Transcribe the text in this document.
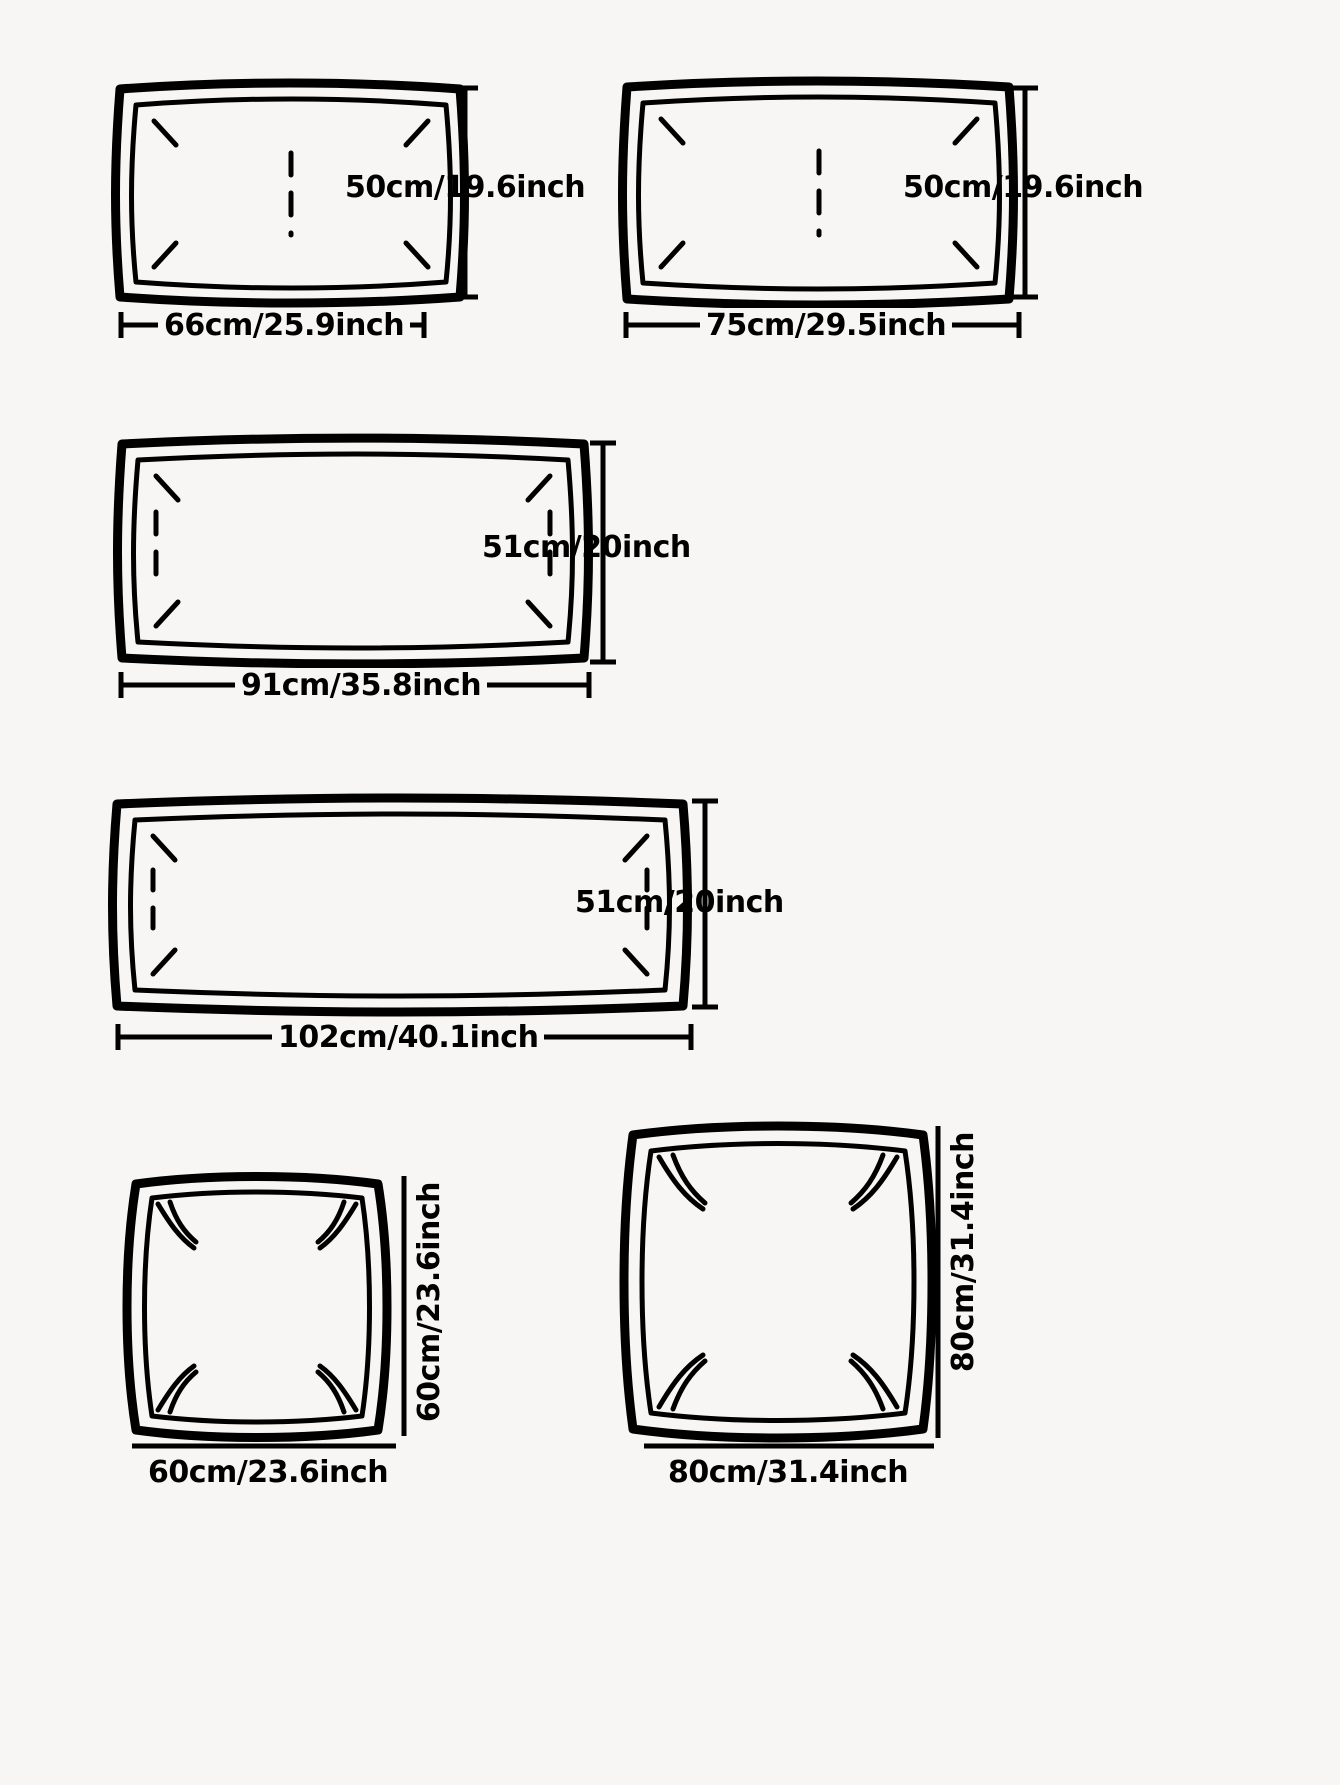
50cm/19.6inch
66cm/25.9inch
50cm/19.6inch
75cm/29.5inch
51cm/20inch
91cm/35.8inch
51cm/20inch
102cm/40.1inch
60cm/23.6inch
60cm/23.6inch
80cm/31.4inch
80cm/31.4inch
